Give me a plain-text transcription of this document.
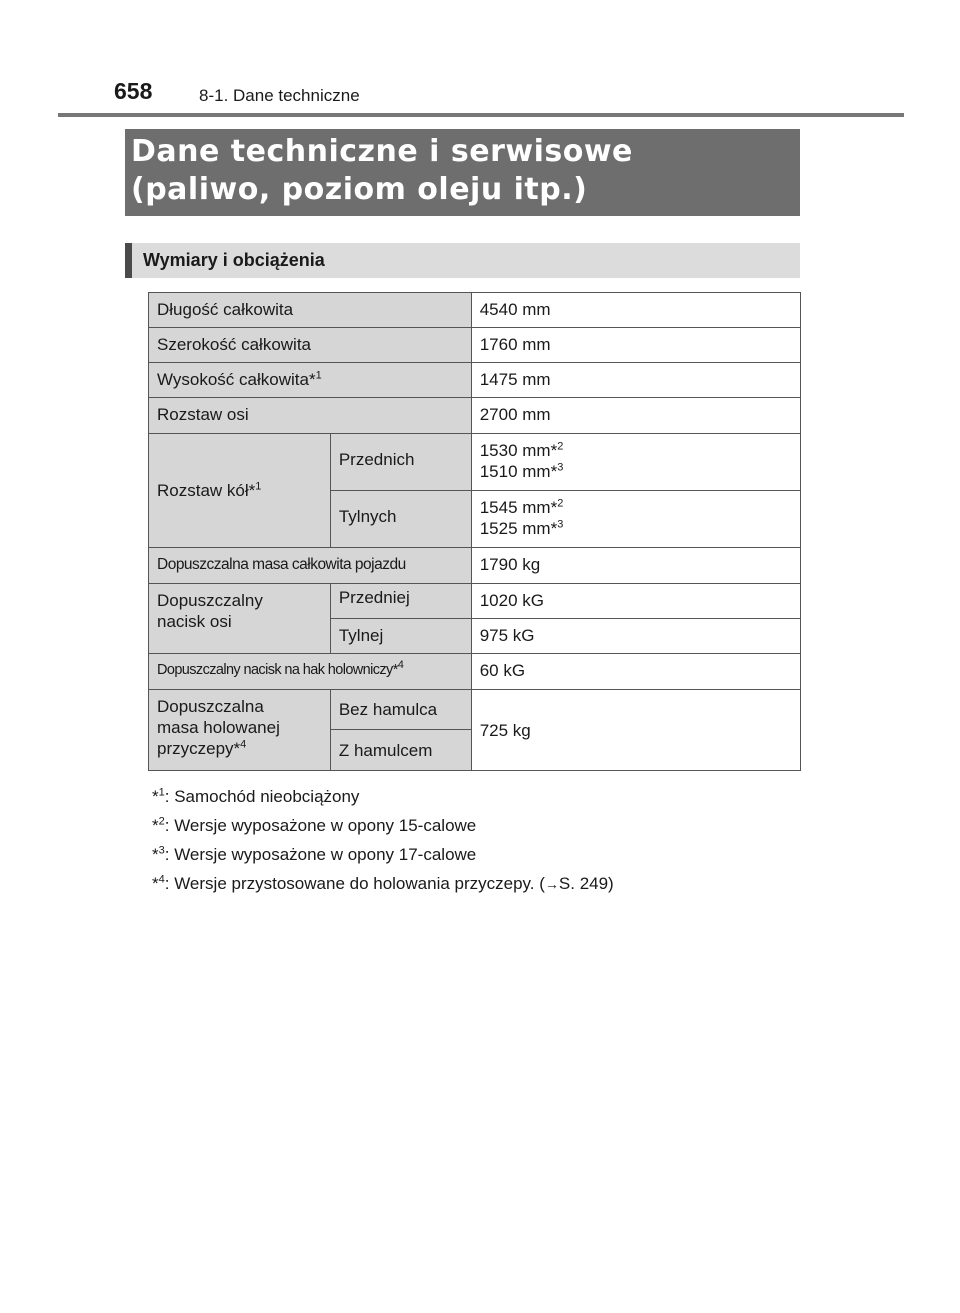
658	8-1. Dane techniczne
Dane techniczne i serwisowe
(paliwo, poziom oleju itp.)
Wymiary i obciążenia
Długość całkowita		4540 mm
Szerokość całkowita		1760 mm
Wysokość całkowita*$^1$		1475 mm
Rozstaw osi		2700 mm
Rozstaw kół*$^1$	Przednich	1530 mm*$^2$
1510 mm*$^3$

	Tylnych	1545 mm*$^2$
1525 mm*$^3$

Dopuszczalna masa całkowita pojazdu		1790 kg

Dopuszczalny
nacisk osi	Przedniej	1020 kG
	Tylnej	975 kG
Dopuszczalny nacisk na hak holowniczy*$^4$		60 kG

Dopuszczalna
masa holowanej
przyczepy*$^4$	Bez hamulca	725 kg
	Z hamulcem	
*$^1$: Samochód nieobciążony
*$^2$: Wersje wyposażone w opony 15-calowe
*$^3$: Wersje wyposażone w opony 17-calowe
*$^4$: Wersje przystosowane do holowania przyczepy. (→S. 249)
